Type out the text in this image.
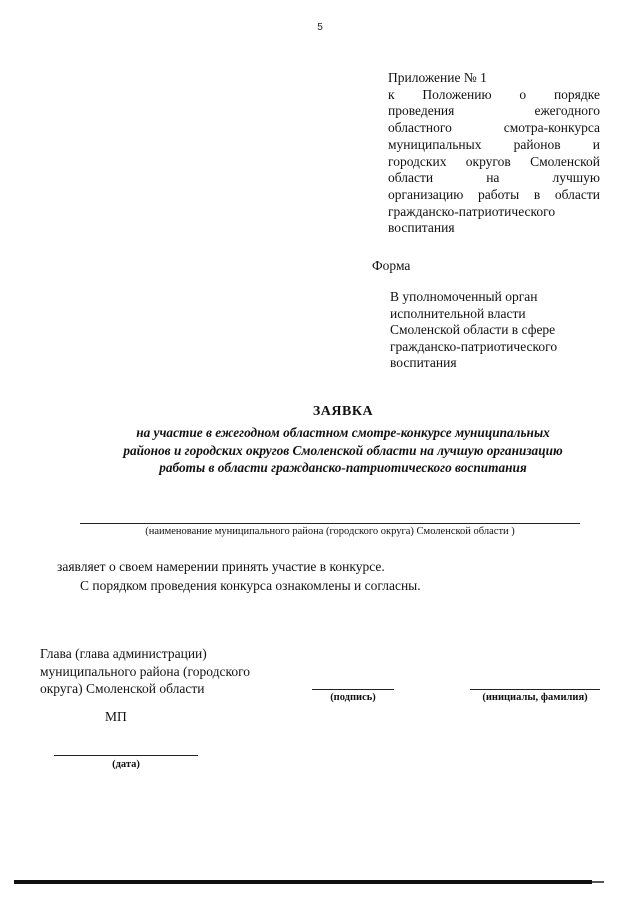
5
Приложение № 1
к Положению о порядке
проведения	ежегодного
областного	смотра-конкурса
муниципальных районов и
городских округов Смоленской
области	на	лучшую
организацию работы в области
гражданско-патриотического
воспитания
Форма
В уполномоченный орган
исполнительной власти
Смоленской области в сфере
гражданско-патриотического
воспитания
ЗАЯВКА
на участие в ежегодном областном смотре-конкурсе муниципальных
районов и городских округов Смоленской области на лучшую организацию
работы в области гражданско-патриотического воспитания
(наименование муниципального района (городского округа) Смоленской области )
заявляет о своем намерении принять участие в конкурсе.
С порядком проведения конкурса ознакомлены и согласны.
Глава (глава администрации)
муниципального района (городского
округа) Смоленской области
(подпись)	(инициалы, фамилия)
МП
(дата)
